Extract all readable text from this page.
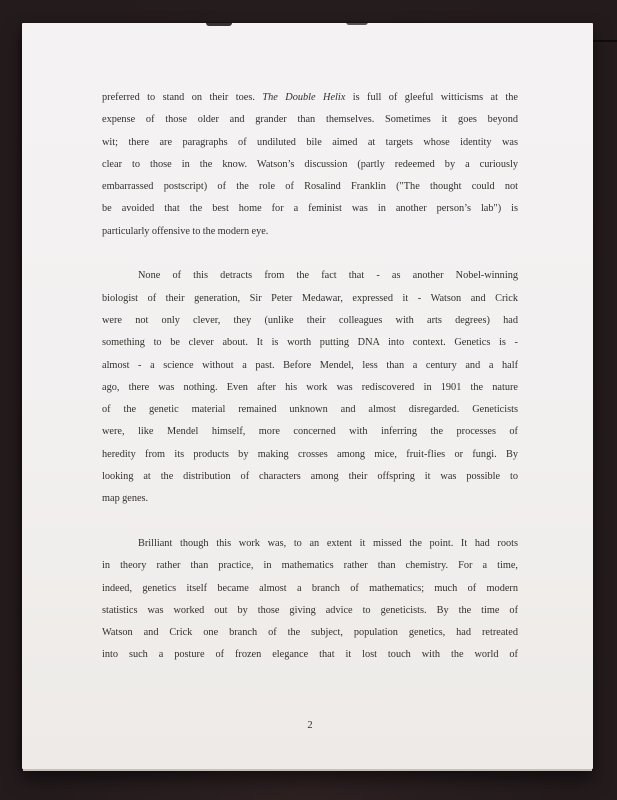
preferred to stand on their toes. The Double Helix is full of gleeful witticisms at the
expense of those older and grander than themselves. Sometimes it goes beyond
wit; there are paragraphs of undiluted bile aimed at targets whose identity was
clear to those in the know. Watson’s discussion (partly redeemed by a curiously
embarrassed postscript) of the role of Rosalind Franklin ("The thought could not
be avoided that the best home for a feminist was in another person’s lab") is
particularly offensive to the modern eye.
None of this detracts from the fact that - as another Nobel-winning
biologist of their generation, Sir Peter Medawar, expressed it - Watson and Crick
were not only clever, they (unlike their colleagues with arts degrees) had
something to be clever about. It is worth putting DNA into context. Genetics is -
almost - a science without a past. Before Mendel, less than a century and a half
ago, there was nothing. Even after his work was rediscovered in 1901 the nature
of the genetic material remained unknown and almost disregarded. Geneticists
were, like Mendel himself, more concerned with inferring the processes of
heredity from its products by making crosses among mice, fruit-flies or fungi. By
looking at the distribution of characters among their offspring it was possible to
map genes.
Brilliant though this work was, to an extent it missed the point. It had roots
in theory rather than practice, in mathematics rather than chemistry. For a time,
indeed, genetics itself became almost a branch of mathematics; much of modern
statistics was worked out by those giving advice to geneticists. By the time of
Watson and Crick one branch of the subject, population genetics, had retreated
into such a posture of frozen elegance that it lost touch with the world of
2
